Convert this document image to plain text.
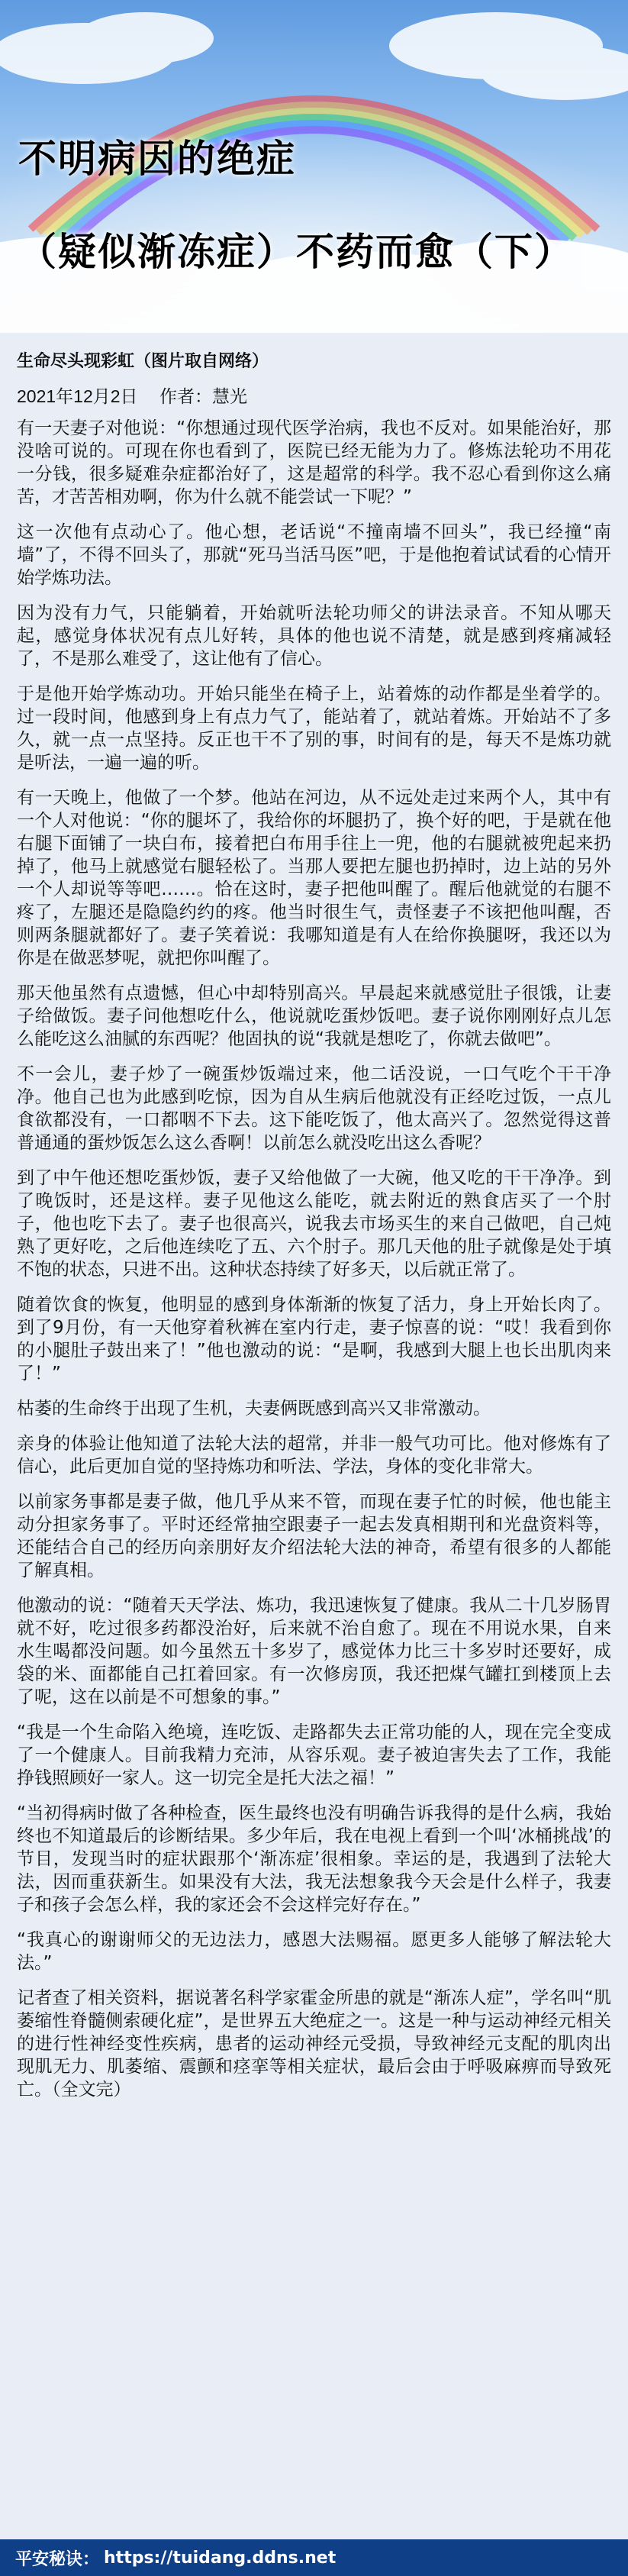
不明病因的绝症
（疑似渐冻症）不药而愈（下）
生命尽头现彩虹（图片取自网络）
2021年12月2日 作者：慧光

有一天妻子对他说：“你想通过现代医学治病，我也不反对。如果能治好，那没啥可说的。可现在你也看到了，医院已经无能为力了。修炼法轮功不用花一分钱，很多疑难杂症都治好了，这是超常的科学。我不忍心看到你这么痛苦，才苦苦相劝啊，你为什么就不能尝试一下呢？”

这一次他有点动心了。他心想，老话说“不撞南墙不回头”，我已经撞“南墙”了，不得不回头了，那就“死马当活马医”吧，于是他抱着试试看的心情开始学炼功法。

因为没有力气，只能躺着，开始就听法轮功师父的讲法录音。不知从哪天起，感觉身体状况有点儿好转，具体的他也说不清楚，就是感到疼痛减轻了，不是那么难受了，这让他有了信心。

于是他开始学炼动功。开始只能坐在椅子上，站着炼的动作都是坐着学的。过一段时间，他感到身上有点力气了，能站着了，就站着炼。开始站不了多久，就一点一点坚持。反正也干不了别的事，时间有的是，每天不是炼功就是听法，一遍一遍的听。

有一天晚上，他做了一个梦。他站在河边，从不远处走过来两个人，其中有一个人对他说：“你的腿坏了，我给你的坏腿扔了，换个好的吧，于是就在他右腿下面铺了一块白布，接着把白布用手往上一兜，他的右腿就被兜起来扔掉了，他马上就感觉右腿轻松了。当那人要把左腿也扔掉时，边上站的另外一个人却说等等吧……。恰在这时，妻子把他叫醒了。醒后他就觉的右腿不疼了，左腿还是隐隐约约的疼。他当时很生气，责怪妻子不该把他叫醒，否则两条腿就都好了。妻子笑着说：我哪知道是有人在给你换腿呀，我还以为你是在做恶梦呢，就把你叫醒了。

那天他虽然有点遗憾，但心中却特别高兴。早晨起来就感觉肚子很饿，让妻子给做饭。妻子问他想吃什么，他说就吃蛋炒饭吧。妻子说你刚刚好点儿怎么能吃这么油腻的东西呢？他固执的说“我就是想吃了，你就去做吧”。

不一会儿，妻子炒了一碗蛋炒饭端过来，他二话没说，一口气吃个干干净净。他自己也为此感到吃惊，因为自从生病后他就没有正经吃过饭，一点儿食欲都没有，一口都咽不下去。这下能吃饭了，他太高兴了。忽然觉得这普普通通的蛋炒饭怎么这么香啊！以前怎么就没吃出这么香呢？

到了中午他还想吃蛋炒饭，妻子又给他做了一大碗，他又吃的干干净净。到了晚饭时，还是这样。妻子见他这么能吃，就去附近的熟食店买了一个肘子，他也吃下去了。妻子也很高兴，说我去市场买生的来自己做吧，自己炖熟了更好吃，之后他连续吃了五、六个肘子。那几天他的肚子就像是处于填不饱的状态，只进不出。这种状态持续了好多天，以后就正常了。

随着饮食的恢复，他明显的感到身体渐渐的恢复了活力，身上开始长肉了。到了9月份，有一天他穿着秋裤在室内行走，妻子惊喜的说：“哎！我看到你的小腿肚子鼓出来了！”他也激动的说：“是啊，我感到大腿上也长出肌肉来了！”

枯萎的生命终于出现了生机，夫妻俩既感到高兴又非常激动。

亲身的体验让他知道了法轮大法的超常，并非一般气功可比。他对修炼有了信心，此后更加自觉的坚持炼功和听法、学法，身体的变化非常大。

以前家务事都是妻子做，他几乎从来不管，而现在妻子忙的时候，他也能主动分担家务事了。平时还经常抽空跟妻子一起去发真相期刊和光盘资料等，还能结合自己的经历向亲朋好友介绍法轮大法的神奇，希望有很多的人都能了解真相。

他激动的说：“随着天天学法、炼功，我迅速恢复了健康。我从二十几岁肠胃就不好，吃过很多药都没治好，后来就不治自愈了。现在不用说水果，自来水生喝都没问题。如今虽然五十多岁了，感觉体力比三十多岁时还要好，成袋的米、面都能自己扛着回家。有一次修房顶，我还把煤气罐扛到楼顶上去了呢，这在以前是不可想象的事。”

“我是一个生命陷入绝境，连吃饭、走路都失去正常功能的人，现在完全变成了一个健康人。目前我精力充沛，从容乐观。妻子被迫害失去了工作，我能挣钱照顾好一家人。这一切完全是托大法之福！”

“当初得病时做了各种检查，医生最终也没有明确告诉我得的是什么病，我始终也不知道最后的诊断结果。多少年后，我在电视上看到一个叫‘冰桶挑战’的节目，发现当时的症状跟那个‘渐冻症’很相象。幸运的是，我遇到了法轮大法，因而重获新生。如果没有大法，我无法想象我今天会是什么样子，我妻子和孩子会怎么样，我的家还会不会这样完好存在。”

“我真心的谢谢师父的无边法力，感恩大法赐福。愿更多人能够了解法轮大法。”

记者查了相关资料，据说著名科学家霍金所患的就是“渐冻人症”，学名叫“肌萎缩性脊髓侧索硬化症”，是世界五大绝症之一。这是一种与运动神经元相关的进行性神经变性疾病，患者的运动神经元受损，导致神经元支配的肌肉出现肌无力、肌萎缩、震颤和痉挛等相关症状，最后会由于呼吸麻痹而导致死亡。（全文完）

平安秘诀： https://tuidang.ddns.net
